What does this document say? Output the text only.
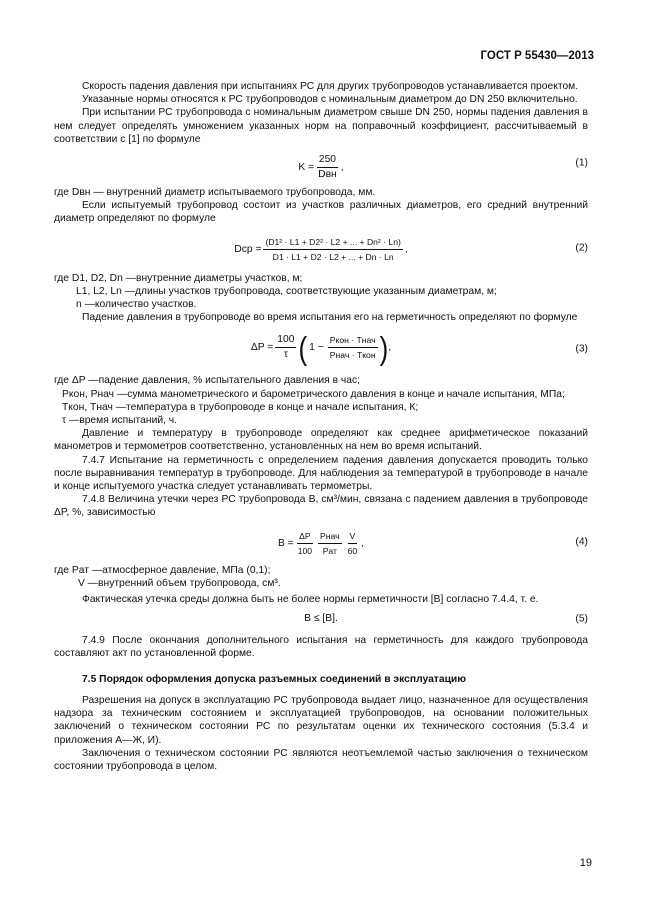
ГОСТ Р 55430—2013

Скорость падения давления при испытаниях РС для других трубопроводов устанавливается проектом.

Указанные нормы относятся к РС трубопроводов с номинальным диаметром до DN 250 включительно.

При испытании РС трубопровода с номинальным диаметром свыше DN 250, нормы падения давления в нем следует определять умножением указанных норм на поправочный коэффициент, рассчитываемый в соответствии с [1] по формуле

$K = \frac{250}{\text{Dвн}}$ ,	(1)

где Dвн — внутренний диаметр испытываемого трубопровода, мм.

Если испытуемый трубопровод состоит из участков различных диаметров, его средний внутренний диаметр определяют по формуле

Dср = $\frac{\text{(D1² · L1 + D2² · L2 + ... + Dn² · Ln)}}{D1 \cdot L1 + D2 \cdot L2 + ... + Dn \cdot Ln}$ ,	(2)
где D1, D2, Dn — внутренние диаметры участков, м;
L1, L2, Ln — длины участков трубопровода, соответствующие указанным диаметрам, м;
n — количество участков.

Падение давления в трубопроводе во время испытания его на герметичность определяют по формуле

$\Delta P = \frac{100}{\tau}$ ( $1 - \frac{\text{Pкон · Tнач}}{\text{Pнач · Tкон}}$ ) ,	(3)
где ΔP — падение давления, % испытательного давления в час;
Pкон, Pнач — сумма манометрического и барометрического давления в конце и начале испытания, МПа;
Tкон, Tнач — температура в трубопроводе в конце и начале испытания, К;
τ — время испытаний, ч.

Давление и температуру в трубопроводе определяют как среднее арифметическое показаний манометров и термометров соответственно, установленных на нем во время испытаний.

7.4.7 Испытание на герметичность с определением падения давления допускается проводить только после выравнивания температур в трубопроводе. Для наблюдения за температурой в трубопроводе в начале и конце испытуемого участка следует устанавливать термометры.

7.4.8 Величина утечки через РС трубопровода B, см³/мин, связана с падением давления в трубопроводе ΔP, %, зависимостью

$B = \frac{\Delta P}{100} \frac{\text{Pнач}}{\text{Pат}} \frac{V}{60}$ ,	(4)
где Pат — атмосферное давление, МПа (0,1);
V — внутренний объем трубопровода, см³.

Фактическая утечка среды должна быть не более нормы герметичности [B] согласно 7.4.4, т. е.

B ≤ [B].	(5)

7.4.9 После окончания дополнительного испытания на герметичность для каждого трубопровода составляют акт по установленной форме.

7.5 Порядок оформления допуска разъемных соединений в эксплуатацию

Разрешения на допуск в эксплуатацию РС трубопровода выдает лицо, назначенное для осуществления надзора за техническим состоянием и эксплуатацией трубопроводов, на основании положительных заключений о техническом состоянии РС по результатам оценки их технического состояния (5.3.4 и приложения А—Ж, И).

Заключения о техническом состоянии РС являются неотъемлемой частью заключения о техническом состоянии трубопровода в целом.

19
